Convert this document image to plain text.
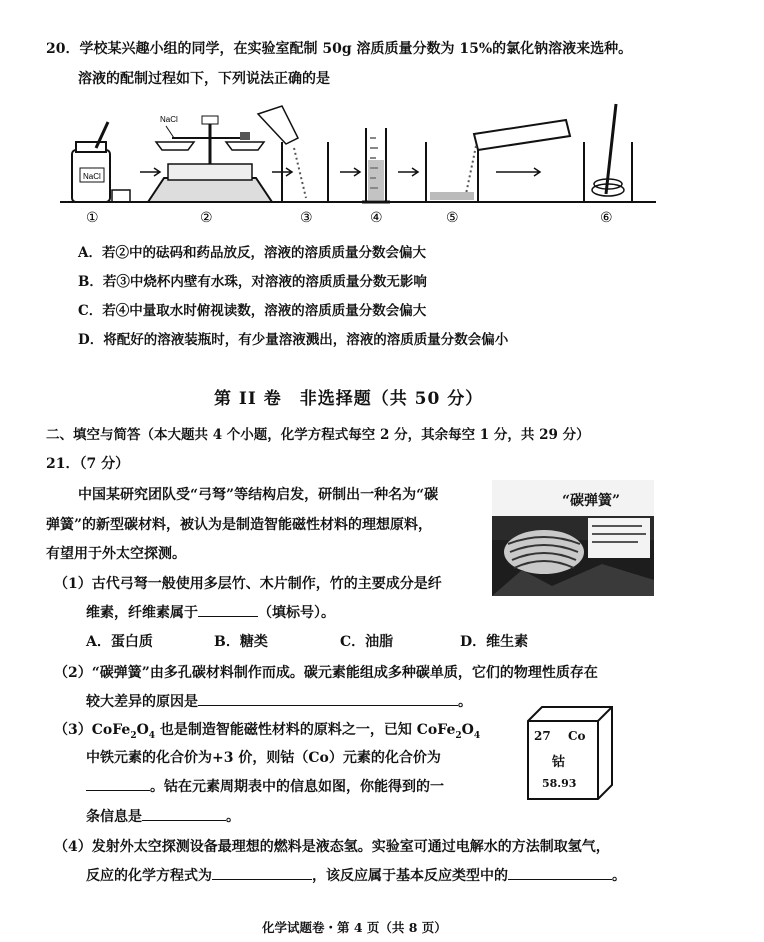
20．学校某兴趣小组的同学，在实验室配制 50g 溶质质量分数为 15%的氯化钠溶液来选种。
溶液的配制过程如下，下列说法正确的是
NaCl
NaCl
①	②	③	④	⑤	⑥
A．若②中的砝码和药品放反，溶液的溶质质量分数会偏大
B．若③中烧杯内壁有水珠，对溶液的溶质质量分数无影响
C．若④中量取水时俯视读数，溶液的溶质质量分数会偏大
D．将配好的溶液装瓶时，有少量溶液溅出，溶液的溶质质量分数会偏小
第 II 卷　非选择题（共 50 分）
二、填空与简答（本大题共 4 个小题，化学方程式每空 2 分，其余每空 1 分，共 29 分）
21．（7 分）
中国某研究团队受“弓弩”等结构启发，研制出一种名为“碳
弹簧”的新型碳材料，被认为是制造智能磁性材料的理想原料，
有望用于外太空探测。
“碳弹簧”
（1）古代弓弩一般使用多层竹、木片制作，竹的主要成分是纤
维素，纤维素属于	（填标号）。
A．蛋白质	B．糖类	C．油脂	D．维生素
（2）“碳弹簧”由多孔碳材料制作而成。碳元素能组成多种碳单质，它们的物理性质存在
较大差异的原因是	。
$(3)CoFe_2O_4$ 也是制造智能磁性材料的原料之一，已知 $CoFe_2O_4$
中铁元素的化合价为+3 价，则钴（Co）元素的化合价为
。钴在元素周期表中的信息如图，你能得到的一
条信息是	。
27 Co
钴
58.93
（4）发射外太空探测设备最理想的燃料是液态氢。实验室可通过电解水的方法制取氢气，
反应的化学方程式为	，该反应属于基本反应类型中的	。
化学试题卷・第 4 页（共 8 页）
